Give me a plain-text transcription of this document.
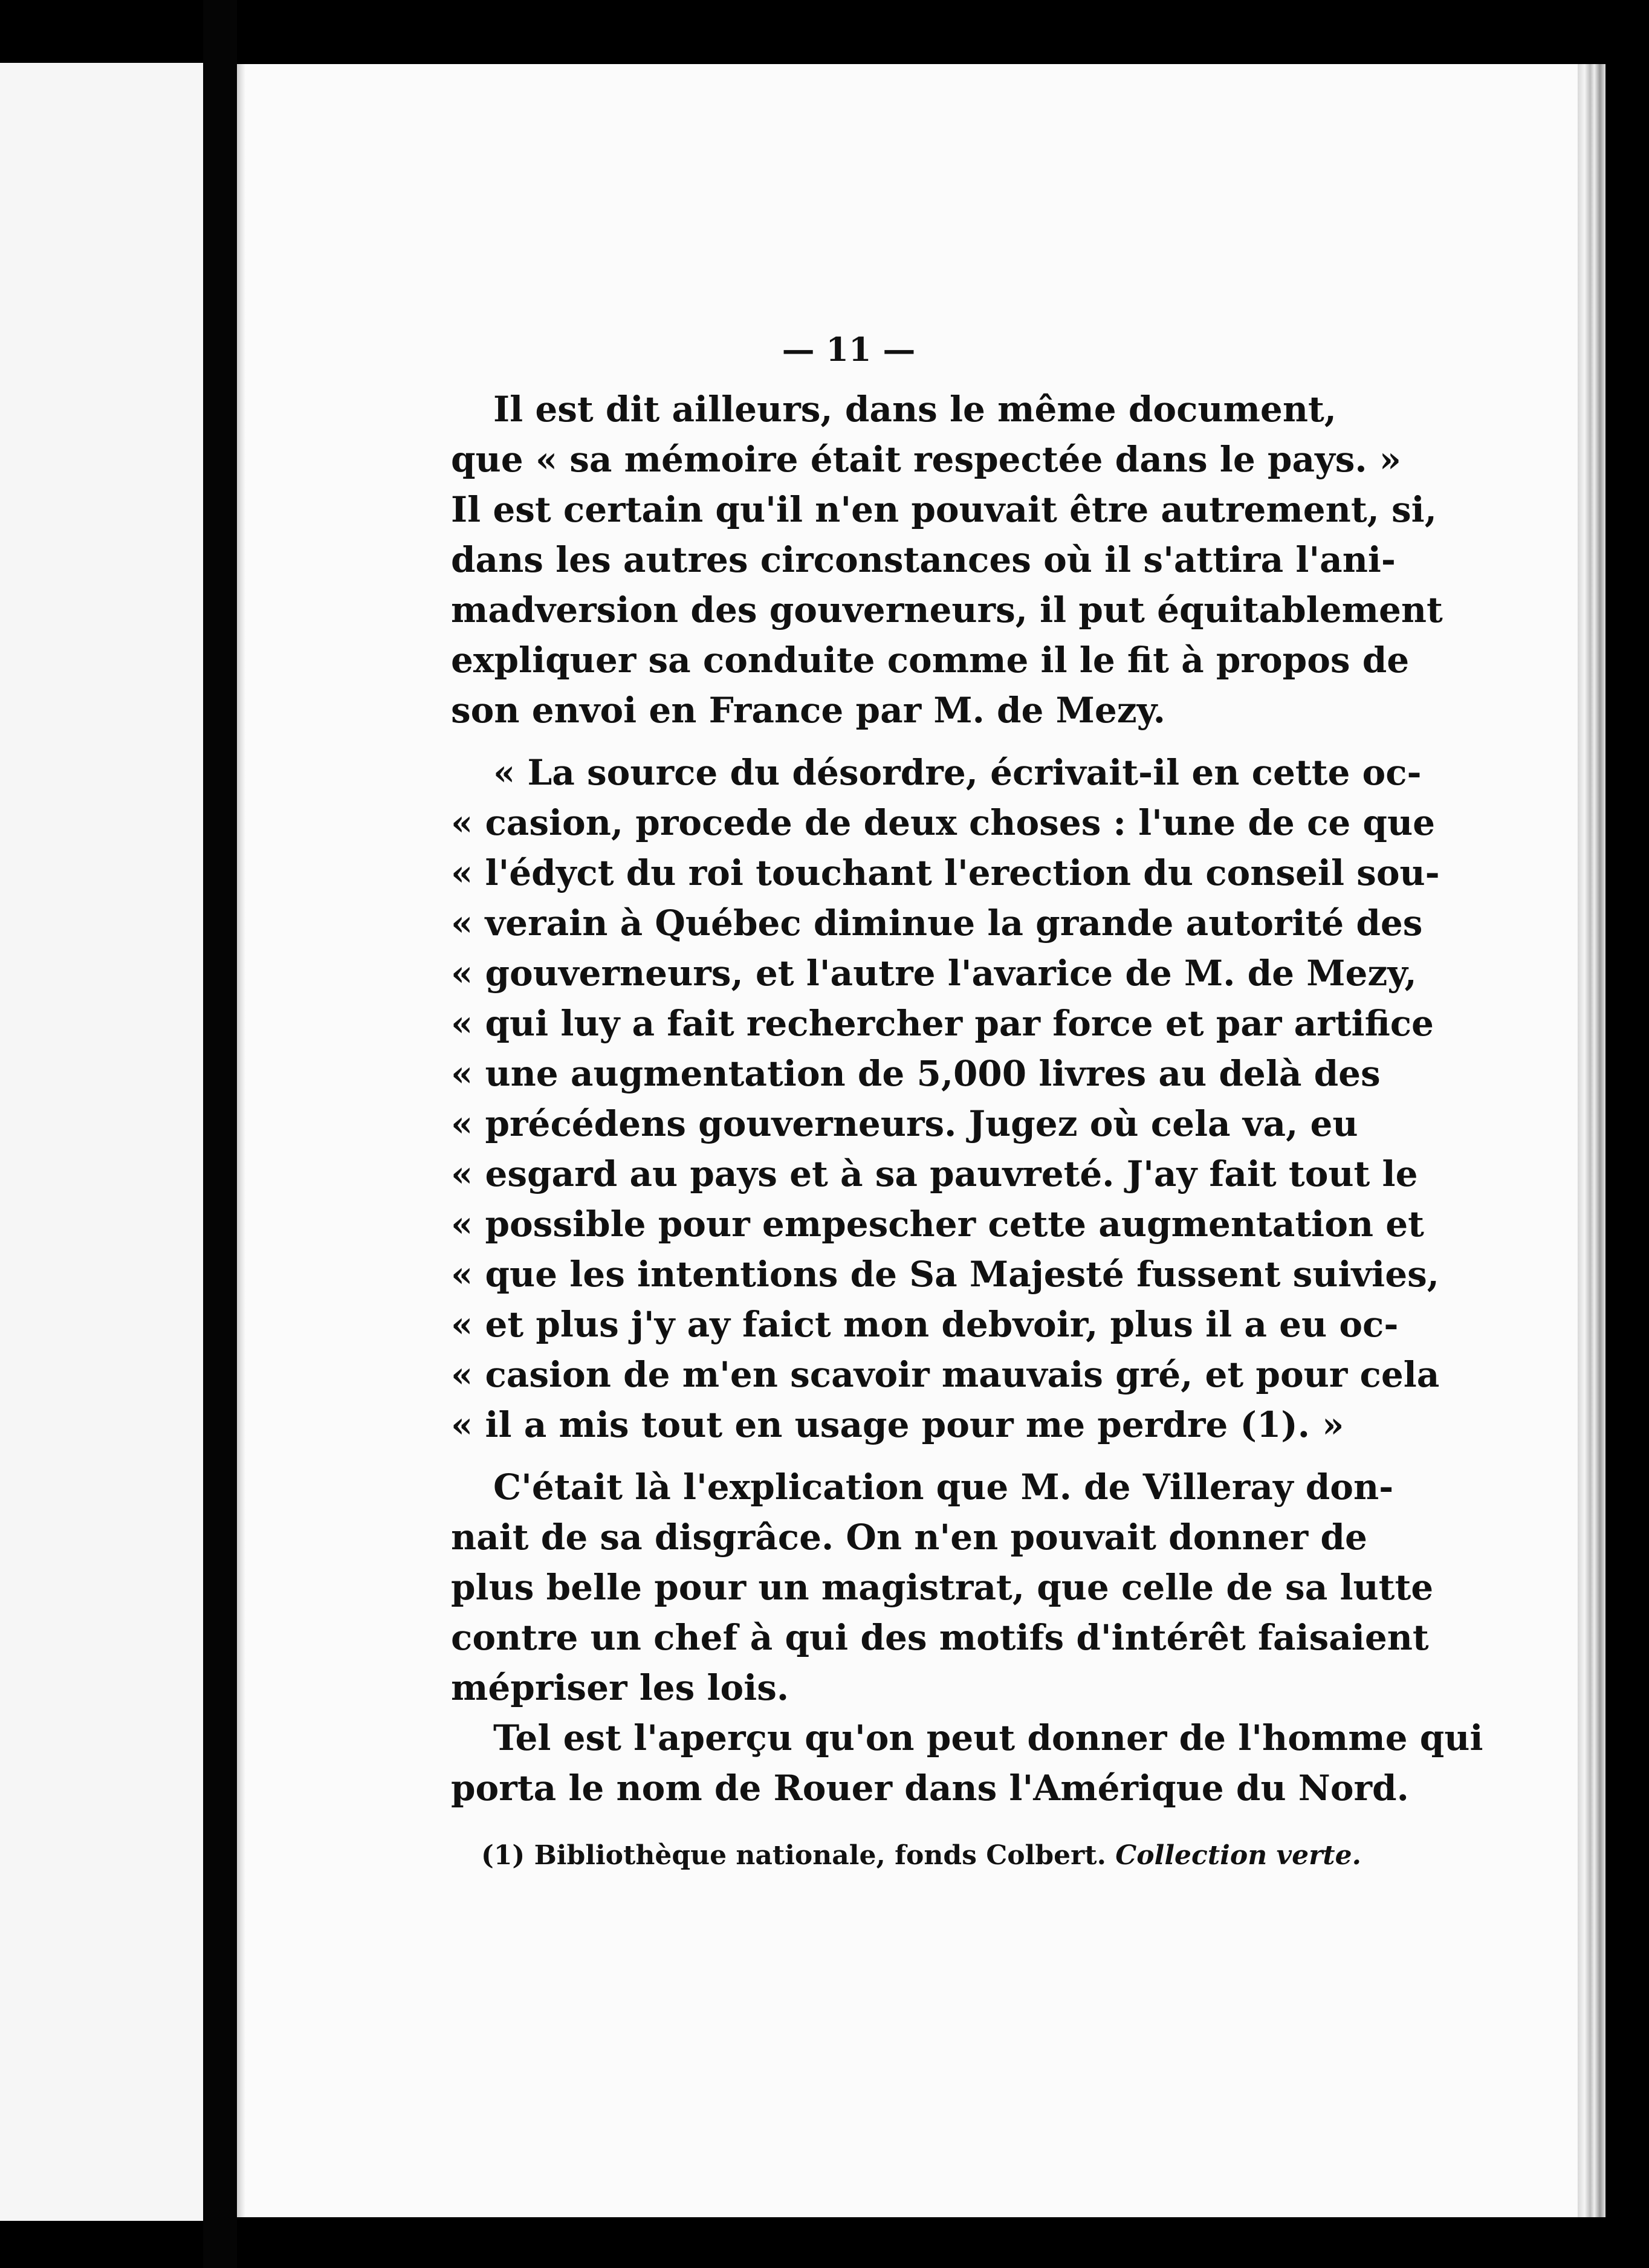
— 11 —
Il est dit ailleurs, dans le même document,
que « sa mémoire était respectée dans le pays. »
Il est certain qu'il n'en pouvait être autrement, si,
dans les autres circonstances où il s'attira l'ani-
madversion des gouverneurs, il put équitablement
expliquer sa conduite comme il le fit à propos de
son envoi en France par M. de Mezy.
« La source du désordre, écrivait-il en cette oc-
« casion, procede de deux choses : l'une de ce que
« l'édyct du roi touchant l'erection du conseil sou-
« verain à Québec diminue la grande autorité des
« gouverneurs, et l'autre l'avarice de M. de Mezy,
« qui luy a fait rechercher par force et par artifice
« une augmentation de 5,000 livres au delà des
« précédens gouverneurs. Jugez où cela va, eu
« esgard au pays et à sa pauvreté. J'ay fait tout le
« possible pour empescher cette augmentation et
« que les intentions de Sa Majesté fussent suivies,
« et plus j'y ay faict mon debvoir, plus il a eu oc-
« casion de m'en scavoir mauvais gré, et pour cela
« il a mis tout en usage pour me perdre (1). »
C'était là l'explication que M. de Villeray don-
nait de sa disgrâce. On n'en pouvait donner de
plus belle pour un magistrat, que celle de sa lutte
contre un chef à qui des motifs d'intérêt faisaient
mépriser les lois.
Tel est l'aperçu qu'on peut donner de l'homme qui
porta le nom de Rouer dans l'Amérique du Nord.
(1) Bibliothèque nationale, fonds Colbert. Collection verte.
